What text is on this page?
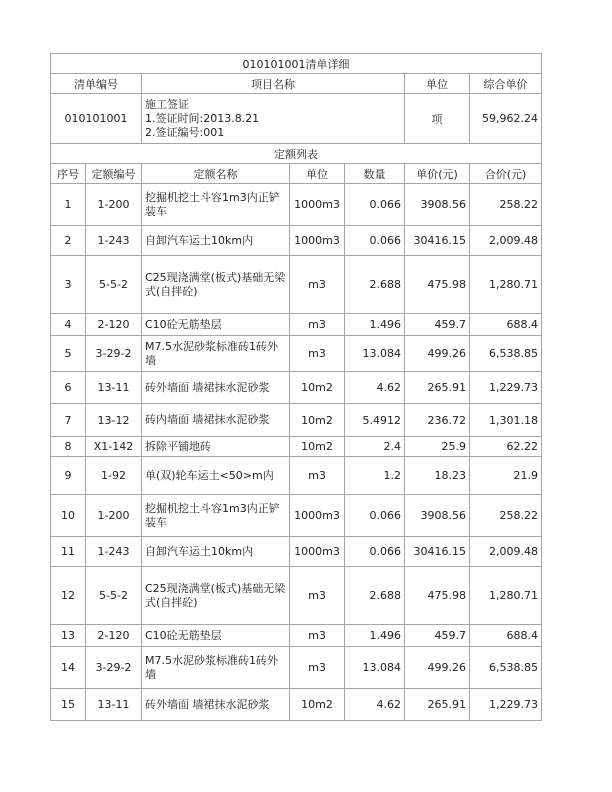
010101001清单详细						
清单编号		项目名称			单位	综合单价
010101001		施工签证
1.签证时间:2013.8.21
2.签证编号:001			项	59,962.24
定额列表						
序号	定额编号	定额名称	单位	数量	单价(元)	合价(元)
1	1-200	挖掘机挖土斗容1m3内正铲装车	1000m3	0.066	3908.56	258.22
2	1-243	自卸汽车运土10km内	1000m3	0.066	30416.15	2,009.48
3	5-5-2	C25现浇满堂(板式)基础无梁式(自拌砼)	m3	2.688	475.98	1,280.71
4	2-120	C10砼无筋垫层	m3	1.496	459.7	688.4
5	3-29-2	M7.5水泥砂浆标准砖1砖外墙	m3	13.084	499.26	6,538.85
6	13-11	砖外墙面 墙裙抹水泥砂浆	10m2	4.62	265.91	1,229.73
7	13-12	砖内墙面 墙裙抹水泥砂浆	10m2	5.4912	236.72	1,301.18
8	X1-142	拆除平铺地砖	10m2	2.4	25.9	62.22
9	1-92	单(双)轮车运土<50>m内	m3	1.2	18.23	21.9
10	1-200	挖掘机挖土斗容1m3内正铲装车	1000m3	0.066	3908.56	258.22
11	1-243	自卸汽车运土10km内	1000m3	0.066	30416.15	2,009.48
12	5-5-2	C25现浇满堂(板式)基础无梁式(自拌砼)	m3	2.688	475.98	1,280.71
13	2-120	C10砼无筋垫层	m3	1.496	459.7	688.4
14	3-29-2	M7.5水泥砂浆标准砖1砖外墙	m3	13.084	499.26	6,538.85
15	13-11	砖外墙面 墙裙抹水泥砂浆	10m2	4.62	265.91	1,229.73
